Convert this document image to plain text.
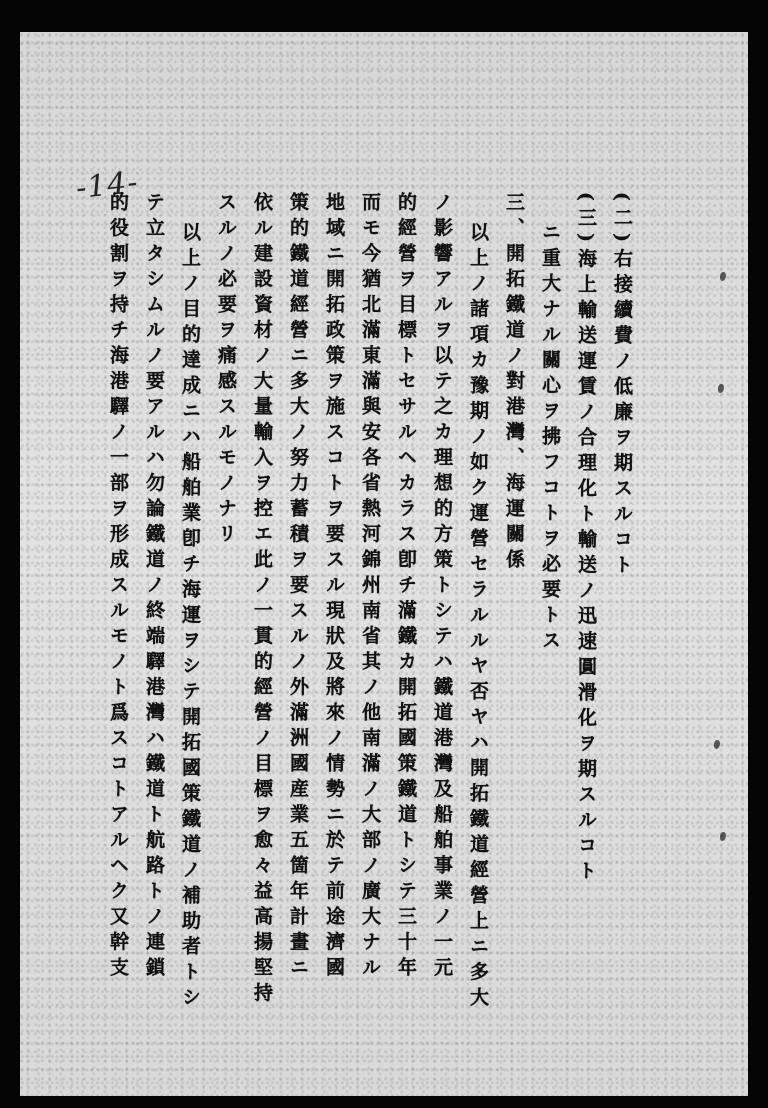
-14-
(二)右接續費ノ低廉ヲ期スルコト
(三)海上輸送運賃ノ合理化ト輸送ノ迅速圓滑化ヲ期スルコト
ニ重大ナル關心ヲ拂フコトヲ必要トス
三、開拓鐵道ノ對港灣、海運關係
以上ノ諸項カ豫期ノ如ク運營セラルルヤ否ヤハ開拓鐵道經營上ニ多大
ノ影響アルヲ以テ之カ理想的方策トシテハ鐵道港灣及船舶事業ノ一元
的經營ヲ目標トセサルヘカラス卽チ滿鐵カ開拓國策鐵道トシテ三十年
而モ今猶北滿東滿與安各省熱河錦州南省其ノ他南滿ノ大部ノ廣大ナル
地域ニ開拓政策ヲ施スコトヲ要スル現狀及將來ノ情勢ニ於テ前途濟國
策的鐵道經營ニ多大ノ努力蓄積ヲ要スルノ外滿洲國産業五箇年計畫ニ
依ル建設資材ノ大量輸入ヲ控エ此ノ一貫的經營ノ目標ヲ愈々益高揚堅持
スルノ必要ヲ痛感スルモノナリ
以上ノ目的達成ニハ船舶業卽チ海運ヲシテ開拓國策鐵道ノ補助者トシ
テ立タシムルノ要アルハ勿論鐵道ノ終端驛港灣ハ鐵道ト航路トノ連鎖
的役割ヲ持チ海港驛ノ一部ヲ形成スルモノト爲スコトアルヘク又幹支
